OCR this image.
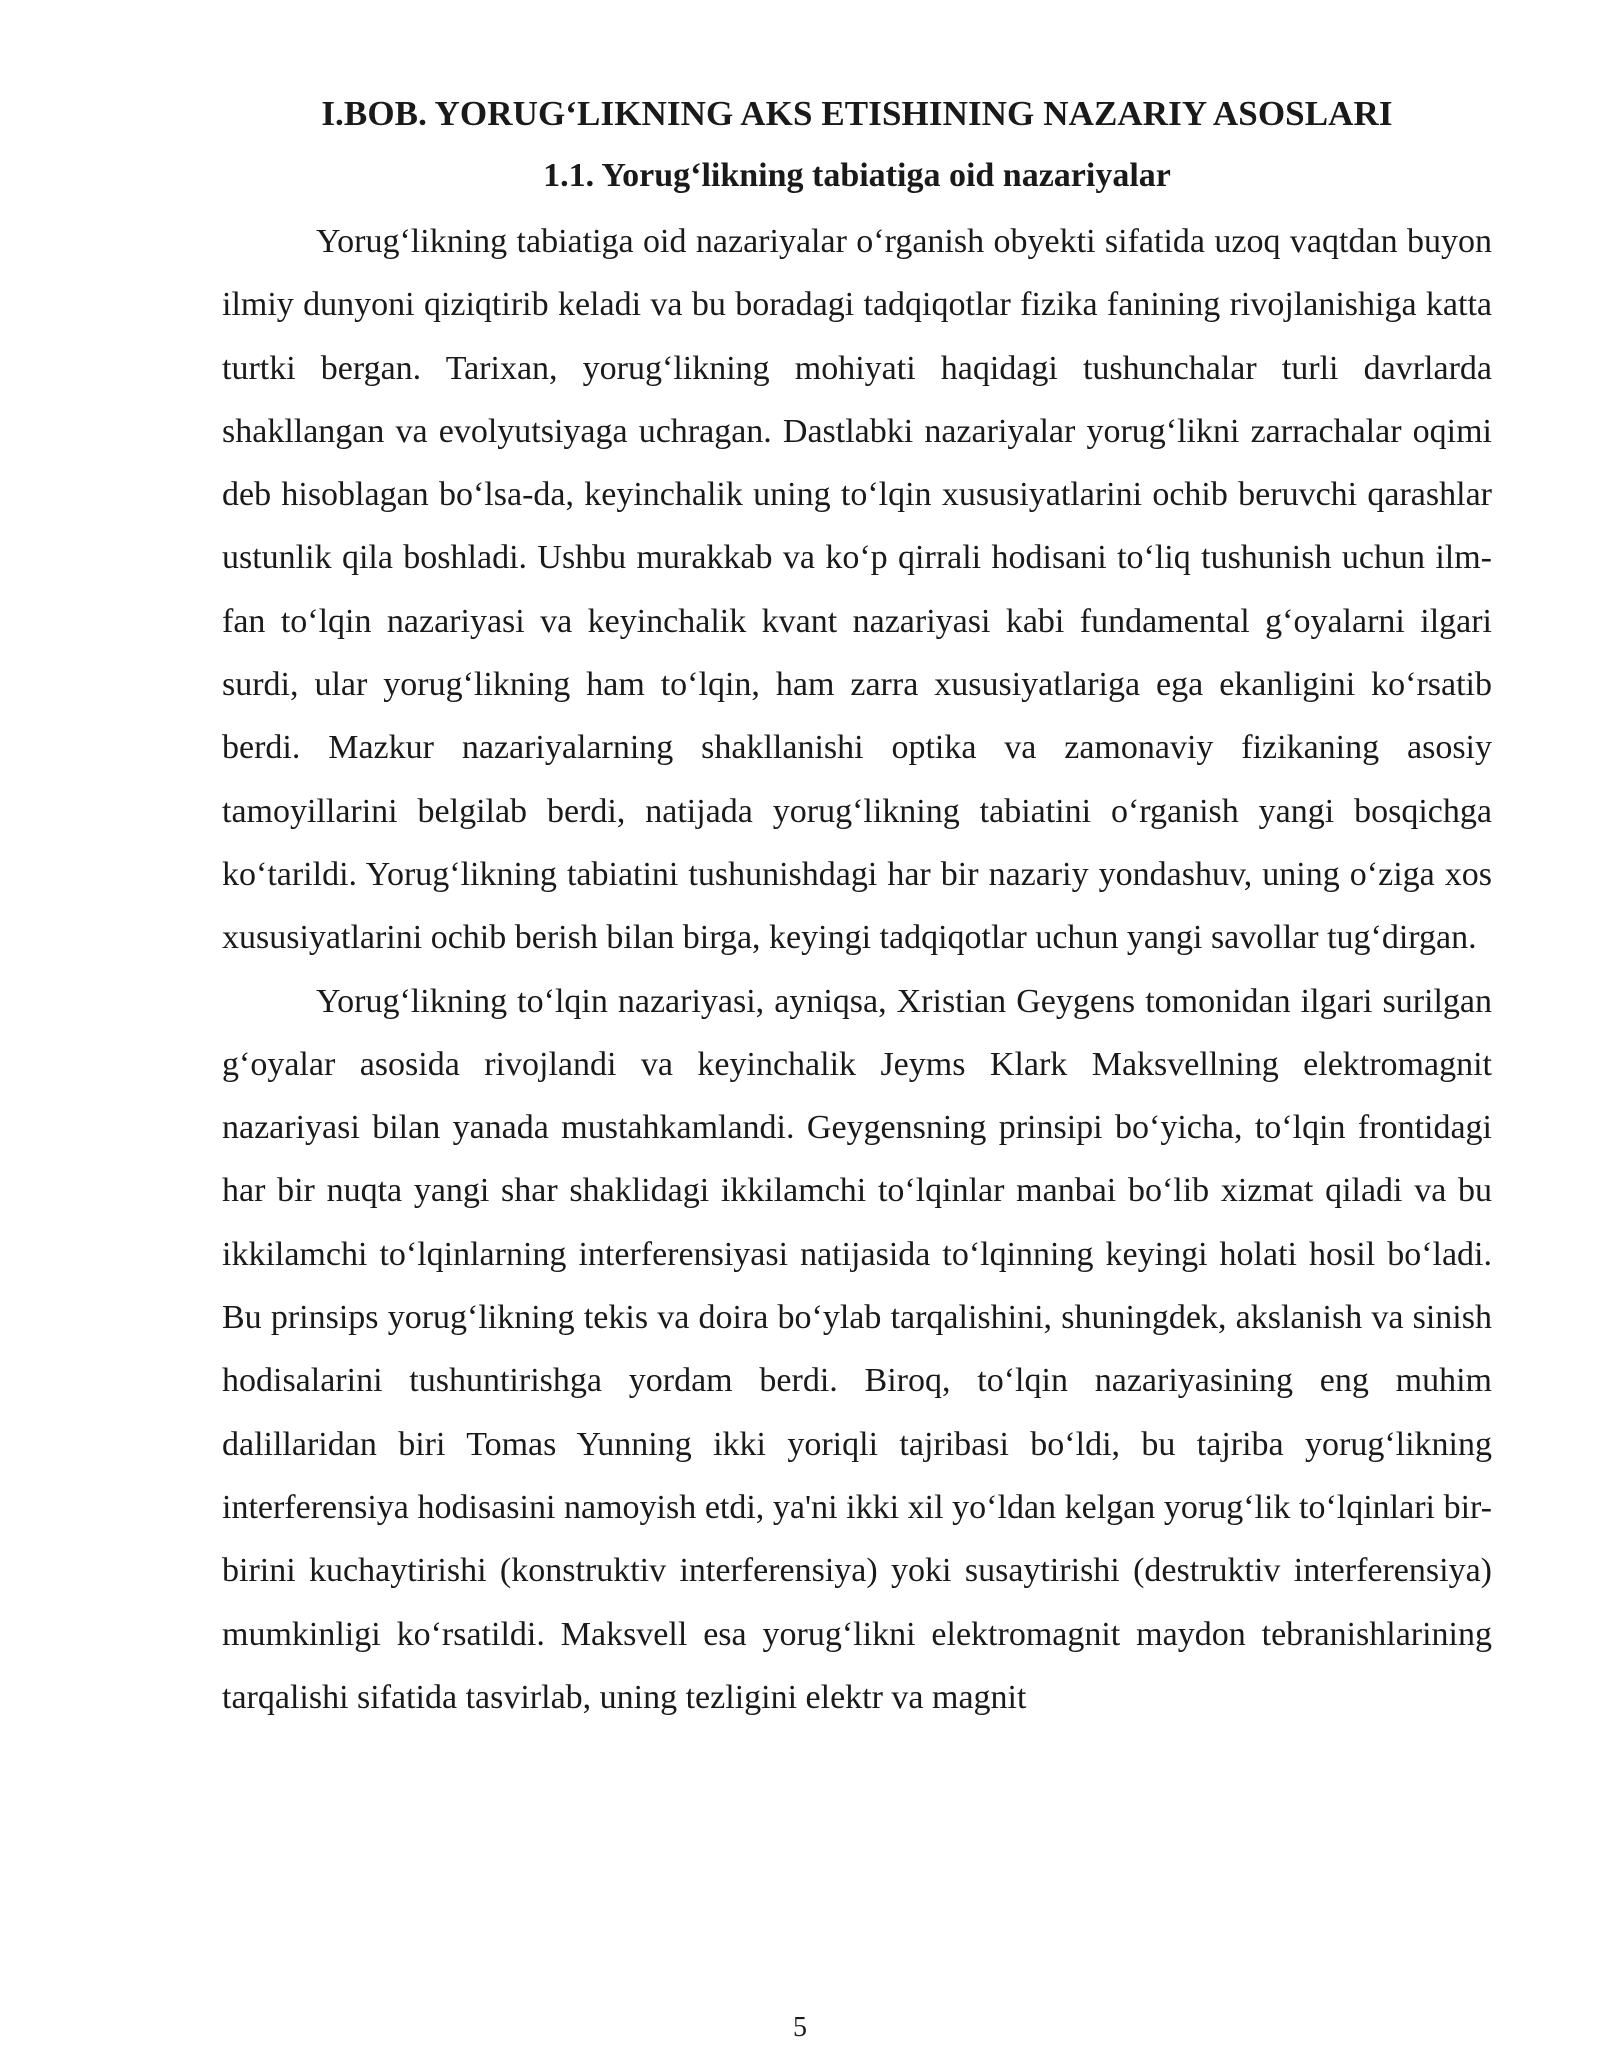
I.BOB. YORUG‘LIKNING AKS ETISHINING NAZARIY ASOSLARI
1.1. Yorug‘likning tabiatiga oid nazariyalar

Yorug‘likning tabiatiga oid nazariyalar o‘rganish obyekti sifatida uzoq vaqtdan buyon ilmiy dunyoni qiziqtirib keladi va bu boradagi tadqiqotlar fizika fanining rivojlanishiga katta turtki bergan. Tarixan, yorug‘likning mohiyati haqidagi tushunchalar turli davrlarda shakllangan va evolyutsiyaga uchragan. Dastlabki nazariyalar yorug‘likni zarrachalar oqimi deb hisoblagan bo‘lsa-da, keyinchalik uning to‘lqin xususiyatlarini ochib beruvchi qarashlar ustunlik qila boshladi. Ushbu murakkab va ko‘p qirrali hodisani to‘liq tushunish uchun ilm-fan to‘lqin nazariyasi va keyinchalik kvant nazariyasi kabi fundamental g‘oyalarni ilgari surdi, ular yorug‘likning ham to‘lqin, ham zarra xususiyatlariga ega ekanligini ko‘rsatib berdi. Mazkur nazariyalarning shakllanishi optika va zamonaviy fizikaning asosiy tamoyillarini belgilab berdi, natijada yorug‘likning tabiatini o‘rganish yangi bosqichga ko‘tarildi. Yorug‘likning tabiatini tushunishdagi har bir nazariy yondashuv, uning o‘ziga xos xususiyatlarini ochib berish bilan birga, keyingi tadqiqotlar uchun yangi savollar tug‘dirgan.

Yorug‘likning to‘lqin nazariyasi, ayniqsa, Xristian Geygens tomonidan ilgari surilgan g‘oyalar asosida rivojlandi va keyinchalik Jeyms Klark Maksvellning elektromagnit nazariyasi bilan yanada mustahkamlandi. Geygensning prinsipi bo‘yicha, to‘lqin frontidagi har bir nuqta yangi shar shaklidagi ikkilamchi to‘lqinlar manbai bo‘lib xizmat qiladi va bu ikkilamchi to‘lqinlarning interferensiyasi natijasida to‘lqinning keyingi holati hosil bo‘ladi. Bu prinsips yorug‘likning tekis va doira bo‘ylab tarqalishini, shuningdek, akslanish va sinish hodisalarini tushuntirishga yordam berdi. Biroq, to‘lqin nazariyasining eng muhim dalillaridan biri Tomas Yunning ikki yoriqli tajribasi bo‘ldi, bu tajriba yorug‘likning interferensiya hodisasini namoyish etdi, ya'ni ikki xil yo‘ldan kelgan yorug‘lik to‘lqinlari bir-birini kuchaytirishi (konstruktiv interferensiya) yoki susaytirishi (destruktiv interferensiya) mumkinligi ko‘rsatildi. Maksvell esa yorug‘likni elektromagnit maydon tebranishlarining tarqalishi sifatida tasvirlab, uning tezligini elektr va magnit

5
